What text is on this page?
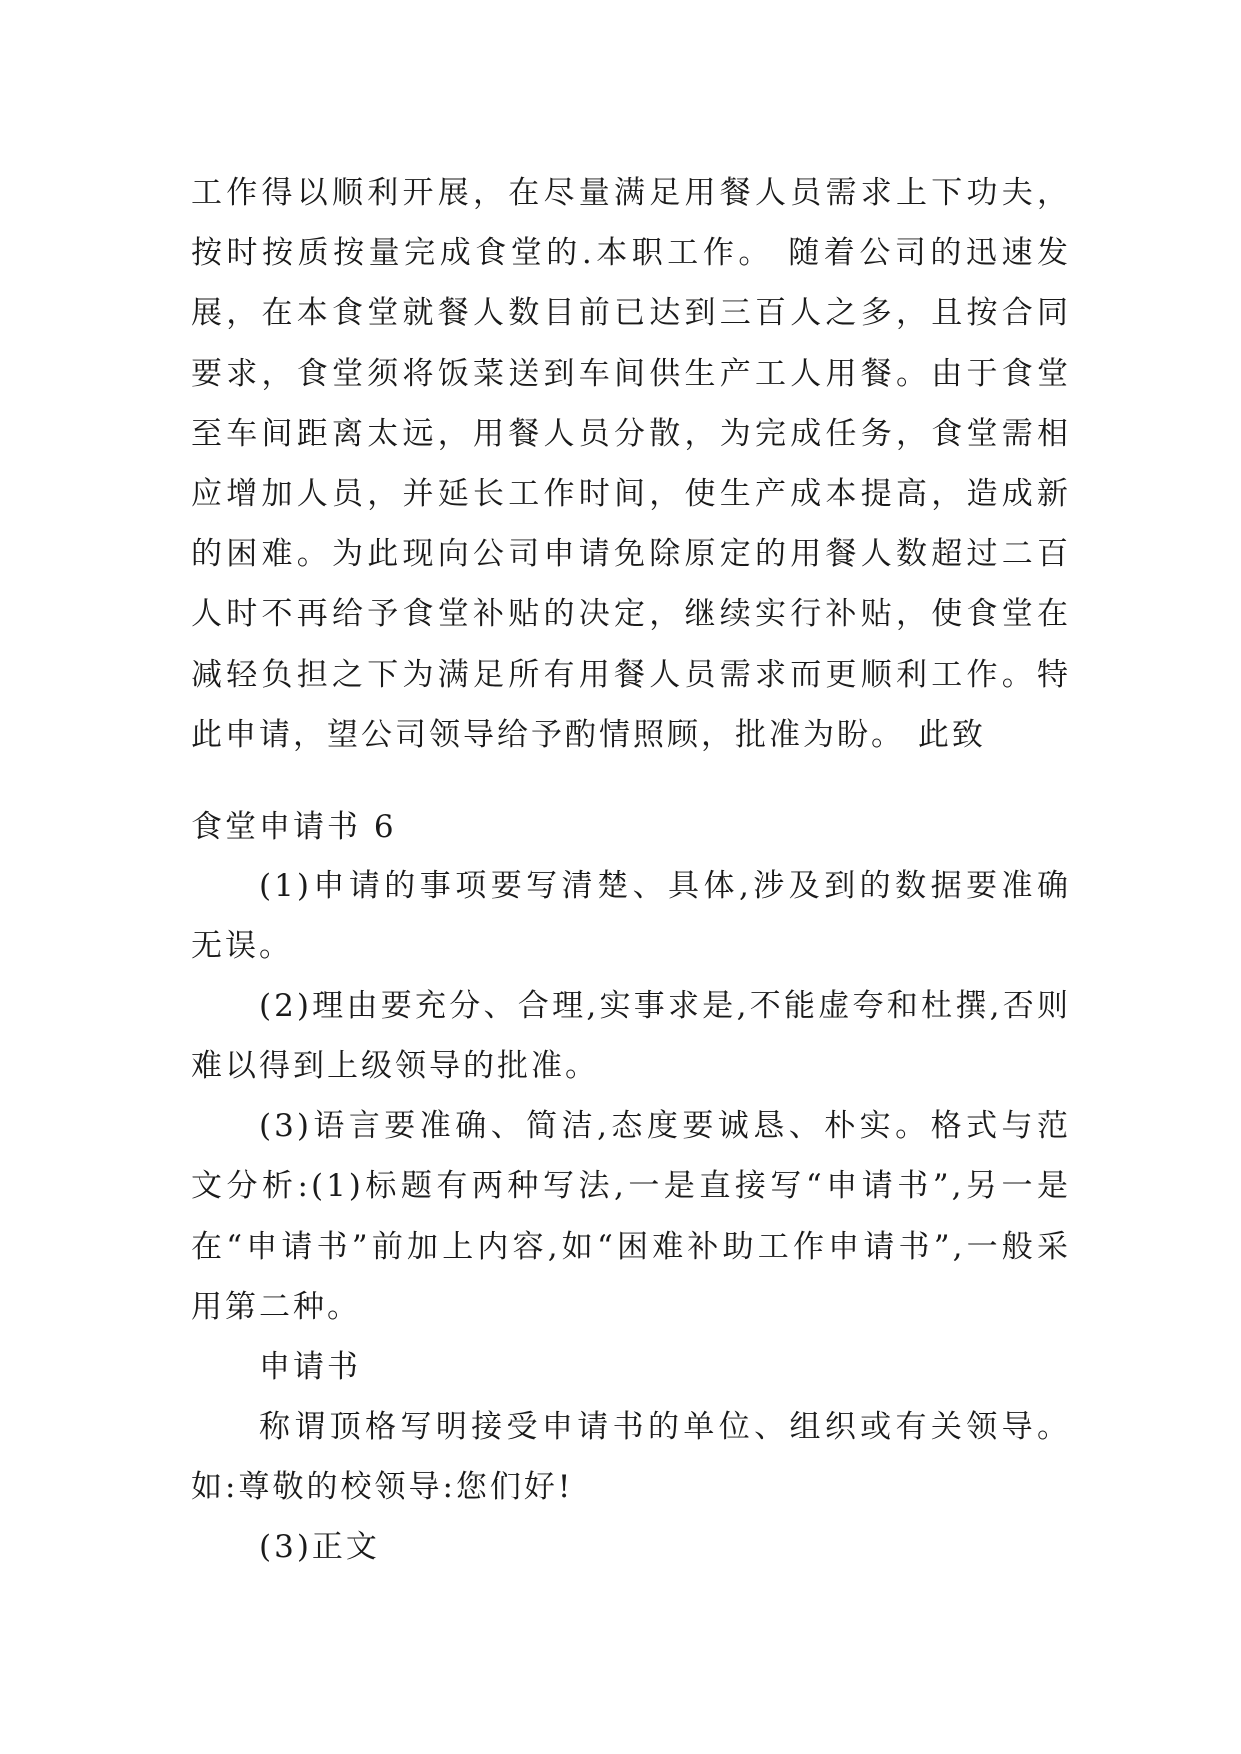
工作得以顺利开展，在尽量满足用餐人员需求上下功夫，按时按质按量完成食堂的.本职工作。 随着公司的迅速发展，在本食堂就餐人数目前已达到三百人之多，且按合同要求，食堂须将饭菜送到车间供生产工人用餐。由于食堂至车间距离太远，用餐人员分散，为完成任务，食堂需相应增加人员，并延长工作时间，使生产成本提高，造成新的困难。为此现向公司申请免除原定的用餐人数超过二百人时不再给予食堂补贴的决定，继续实行补贴，使食堂在减轻负担之下为满足所有用餐人员需求而更顺利工作。特此申请，望公司领导给予酌情照顾，批准为盼。 此致

食堂申请书 6

(1)申请的事项要写清楚、具体,涉及到的数据要准确无误。

(2)理由要充分、合理,实事求是,不能虚夸和杜撰,否则难以得到上级领导的批准。

(3)语言要准确、简洁,态度要诚恳、朴实。格式与范文分析:(1)标题有两种写法,一是直接写“申请书”,另一是在“申请书”前加上内容,如“困难补助工作申请书”,一般采用第二种。

申请书

称谓顶格写明接受申请书的单位、组织或有关领导。如:尊敬的校领导:您们好!

(3)正文
